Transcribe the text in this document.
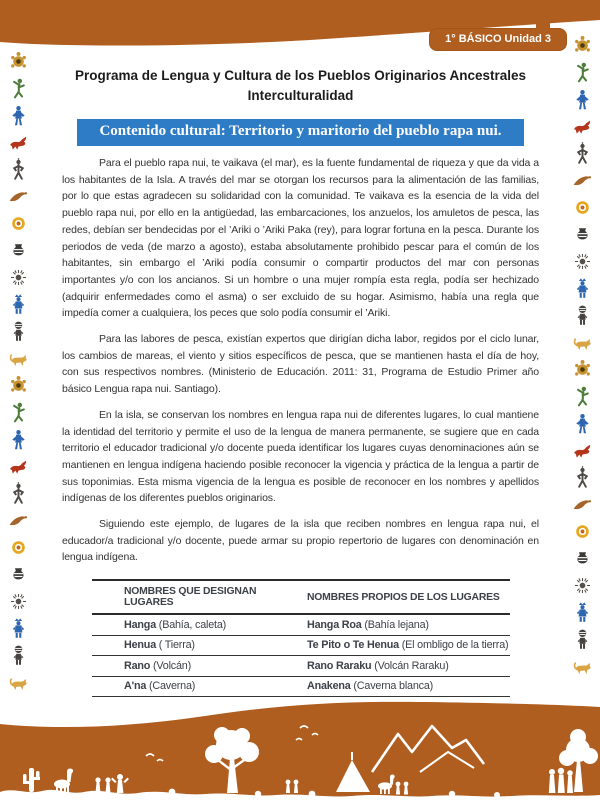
1° BÁSICO Unidad 3
Programa de Lengua y Cultura de los Pueblos Originarios Ancestrales
Interculturalidad
Contenido cultural: Territorio y maritorio del pueblo rapa nui.

Para el pueblo rapa nui, te vaikava (el mar), es la fuente fundamental de riqueza y que da vida a los habitantes de la Isla. A través del mar se otorgan los recursos para la alimentación de las familias, por lo que estas agradecen su solidaridad con la comunidad. Te vaikava es la esencia de la vida del pueblo rapa nui, por ello en la antigüedad, las embarcaciones, los anzuelos, los amuletos de pesca, las redes, debían ser bendecidas por el ’Ariki o ’Ariki Paka (rey), para lograr fortuna en la pesca. Durante los periodos de veda (de marzo a agosto), estaba absolutamente prohibido pescar para el común de los habitantes, sin embargo el ’Ariki podía consumir o compartir productos del mar con personas importantes y/o con los ancianos. Si un hombre o una mujer rompía esta regla, podía ser hechizado (adquirir enfermedades como el asma) o ser excluido de su hogar. Asimismo, había una regla que impedía comer a cualquiera, los peces que solo podía consumir el ’Ariki.

Para las labores de pesca, existían expertos que dirigían dicha labor, regidos por el ciclo lunar, los cambios de mareas, el viento y sitios específicos de pesca, que se mantienen hasta el día de hoy, con sus respectivos nombres. (Ministerio de Educación. 2011: 31, Programa de Estudio Primer año básico Lengua rapa nui. Santiago).

En la isla, se conservan los nombres en lengua rapa nui de diferentes lugares, lo cual mantiene la identidad del territorio y permite el uso de la lengua de manera permanente, se sugiere que en cada territorio el educador tradicional y/o docente pueda identificar los lugares cuyas denominaciones aún se mantienen en lengua indígena haciendo posible reconocer la vigencia y práctica de la lengua a partir de sus toponimias. Esta misma vigencia de la lengua es posible de reconocer en los nombres y apellidos indígenas de los diferentes pueblos originarios.

Siguiendo este ejemplo, de lugares de la isla que reciben nombres en lengua rapa nui, el educador/a tradicional y/o docente, puede armar su propio repertorio de lugares con denominación en lengua indígena.

NOMBRES QUE DESIGNAN LUGARES	NOMBRES PROPIOS DE LOS LUGARES
Hanga (Bahía, caleta)	Hanga Roa (Bahía lejana)
Henua ( Tierra)	Te Pito o Te Henua (El ombligo de la tierra)
Rano (Volcán)	Rano Raraku (Volcán Raraku)
A'na (Caverna)	Anakena (Caverna blanca)
